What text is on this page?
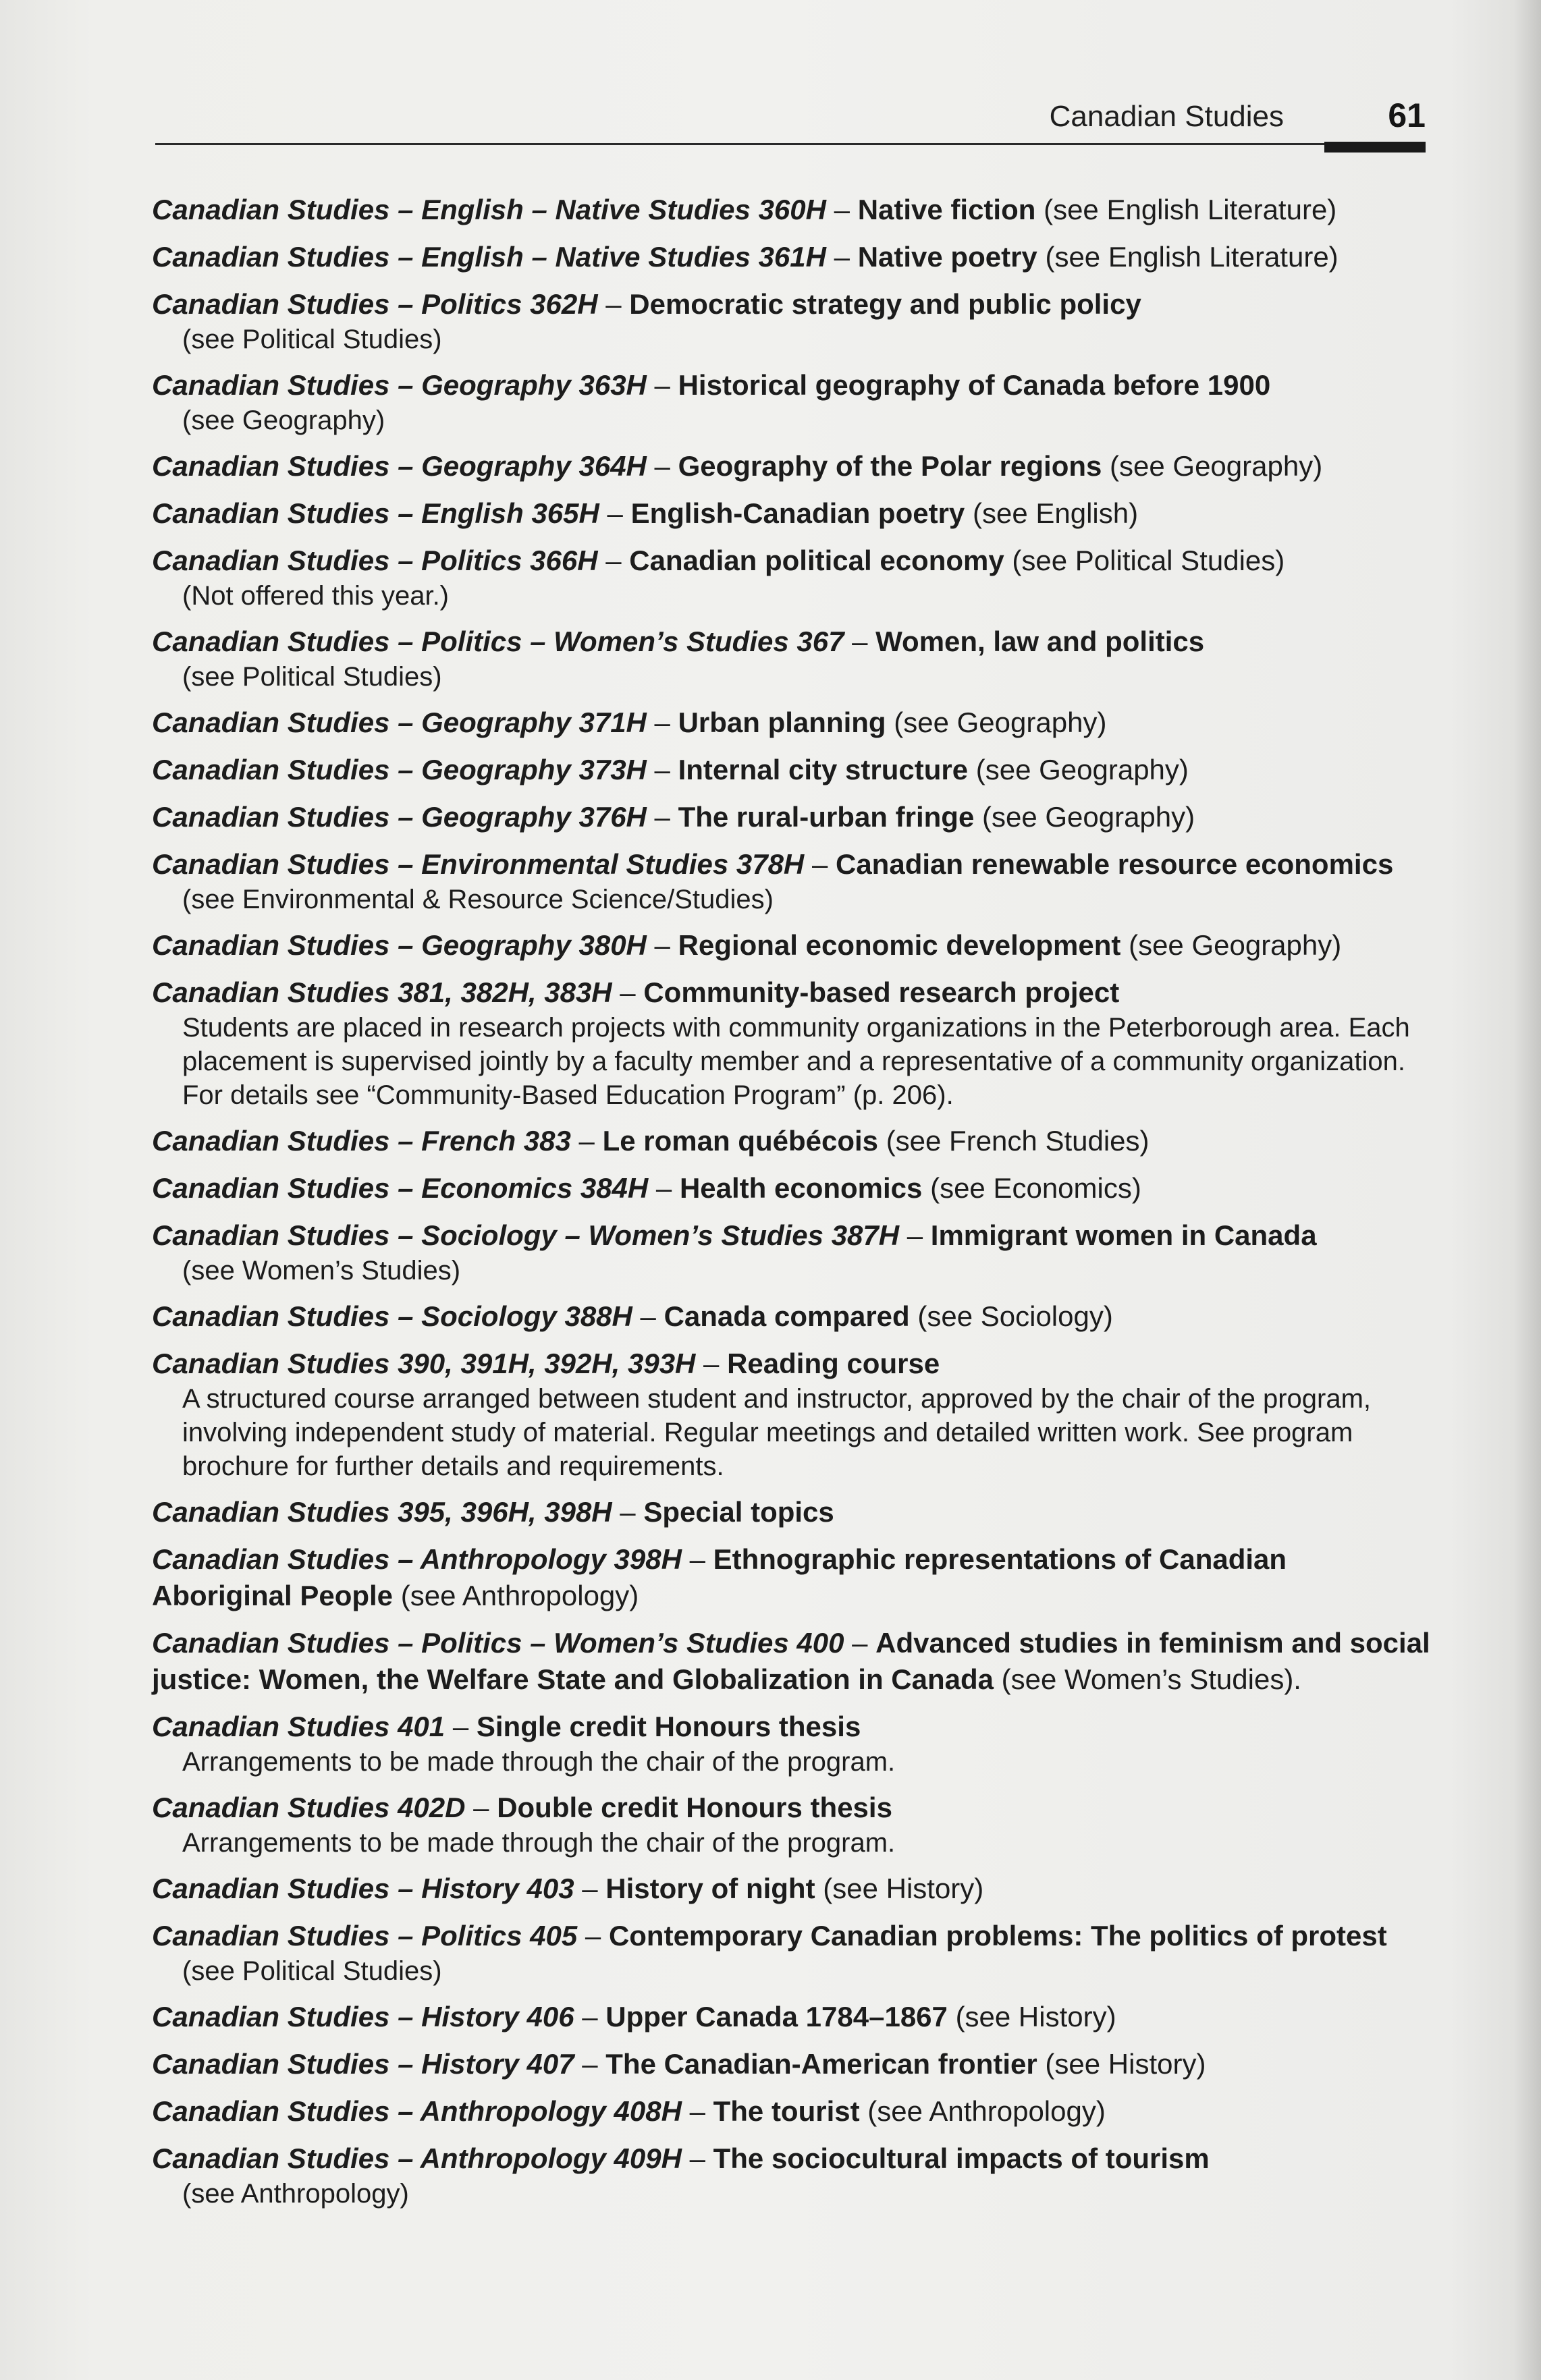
Canadian Studies	61
Canadian Studies – English – Native Studies 360H – Native fiction (see English Literature)
Canadian Studies – English – Native Studies 361H – Native poetry (see English Literature)
Canadian Studies – Politics 362H – Democratic strategy and public policy
(see Political Studies)
Canadian Studies – Geography 363H – Historical geography of Canada before 1900
(see Geography)
Canadian Studies – Geography 364H – Geography of the Polar regions (see Geography)
Canadian Studies – English 365H – English-Canadian poetry (see English)
Canadian Studies – Politics 366H – Canadian political economy (see Political Studies)
(Not offered this year.)
Canadian Studies – Politics – Women’s Studies 367 – Women, law and politics
(see Political Studies)
Canadian Studies – Geography 371H – Urban planning (see Geography)
Canadian Studies – Geography 373H – Internal city structure (see Geography)
Canadian Studies – Geography 376H – The rural-urban fringe (see Geography)
Canadian Studies – Environmental Studies 378H – Canadian renewable resource economics
(see Environmental & Resource Science/Studies)
Canadian Studies – Geography 380H – Regional economic development (see Geography)
Canadian Studies 381, 382H, 383H – Community-based research project
Students are placed in research projects with community organizations in the Peterborough area. Each placement is supervised jointly by a faculty member and a representative of a community organization. For details see “Community-Based Education Program” (p. 206).
Canadian Studies – French 383 – Le roman québécois (see French Studies)
Canadian Studies – Economics 384H – Health economics (see Economics)
Canadian Studies – Sociology – Women’s Studies 387H – Immigrant women in Canada
(see Women’s Studies)
Canadian Studies – Sociology 388H – Canada compared (see Sociology)
Canadian Studies 390, 391H, 392H, 393H – Reading course
A structured course arranged between student and instructor, approved by the chair of the program, involving independent study of material. Regular meetings and detailed written work. See program brochure for further details and requirements.
Canadian Studies 395, 396H, 398H – Special topics
Canadian Studies – Anthropology 398H – Ethnographic representations of Canadian Aboriginal People (see Anthropology)
Canadian Studies – Politics – Women’s Studies 400 – Advanced studies in feminism and social justice: Women, the Welfare State and Globalization in Canada (see Women’s Studies).
Canadian Studies 401 – Single credit Honours thesis
Arrangements to be made through the chair of the program.
Canadian Studies 402D – Double credit Honours thesis
Arrangements to be made through the chair of the program.
Canadian Studies – History 403 – History of night (see History)
Canadian Studies – Politics 405 – Contemporary Canadian problems: The politics of protest
(see Political Studies)
Canadian Studies – History 406 – Upper Canada 1784–1867 (see History)
Canadian Studies – History 407 – The Canadian-American frontier (see History)
Canadian Studies – Anthropology 408H – The tourist (see Anthropology)
Canadian Studies – Anthropology 409H – The sociocultural impacts of tourism
(see Anthropology)
